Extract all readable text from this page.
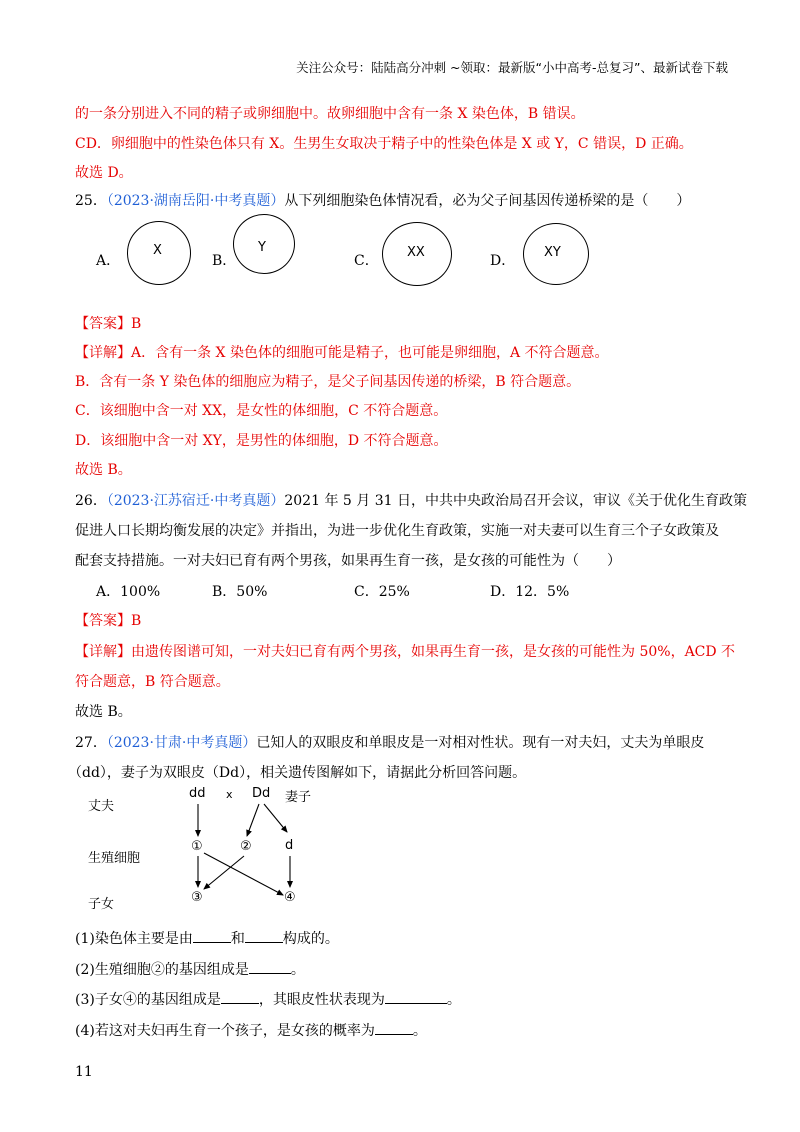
关注公众号：陆陆高分冲刺 ~领取：最新版“小中高考-总复习”、最新试卷下载
的一条分别进入不同的精子或卵细胞中。故卵细胞中含有一条 X 染色体，B 错误。
CD．卵细胞中的性染色体只有 X。生男生女取决于精子中的性染色体是 X 或 Y，C 错误，D 正确。
故选 D。
25．（2023·湖南岳阳·中考真题）从下列细胞染色体情况看，必为父子间基因传递桥梁的是（　　）
A．
X
B．
Y
C．
XX
D．
XY
【答案】B
【详解】A．含有一条 X 染色体的细胞可能是精子，也可能是卵细胞，A 不符合题意。
B．含有一条 Y 染色体的细胞应为精子，是父子间基因传递的桥梁，B 符合题意。
C．该细胞中含一对 XX，是女性的体细胞，C 不符合题意。
D．该细胞中含一对 XY，是男性的体细胞，D 不符合题意。
故选 B。
26．（2023·江苏宿迁·中考真题）2021 年 5 月 31 日，中共中央政治局召开会议，审议《关于优化生育政策
促进人口长期均衡发展的决定》并指出，为进一步优化生育政策，实施一对夫妻可以生育三个子女政策及
配套支持措施。一对夫妇已育有两个男孩，如果再生育一孩，是女孩的可能性为（　　）
A．100%	B．50%	C．25%	D．12．5%
【答案】B
【详解】由遗传图谱可知，一对夫妇已育有两个男孩，如果再生育一孩，是女孩的可能性为 50%，ACD 不
符合题意，B 符合题意。
故选 B。
27．（2023·甘肃·中考真题）已知人的双眼皮和单眼皮是一对相对性状。现有一对夫妇，丈夫为单眼皮
（dd），妻子为双眼皮（Dd），相关遗传图解如下，请据此分析回答问题。
丈夫
生殖细胞
子女
dd x Dd 妻子
①	②	d
③	④
(1)染色体主要是由	和	构成的。
(2)生殖细胞②的基因组成是	。
(3)子女④的基因组成是	，其眼皮性状表现为	。
(4)若这对夫妇再生育一个孩子，是女孩的概率为	。
11
